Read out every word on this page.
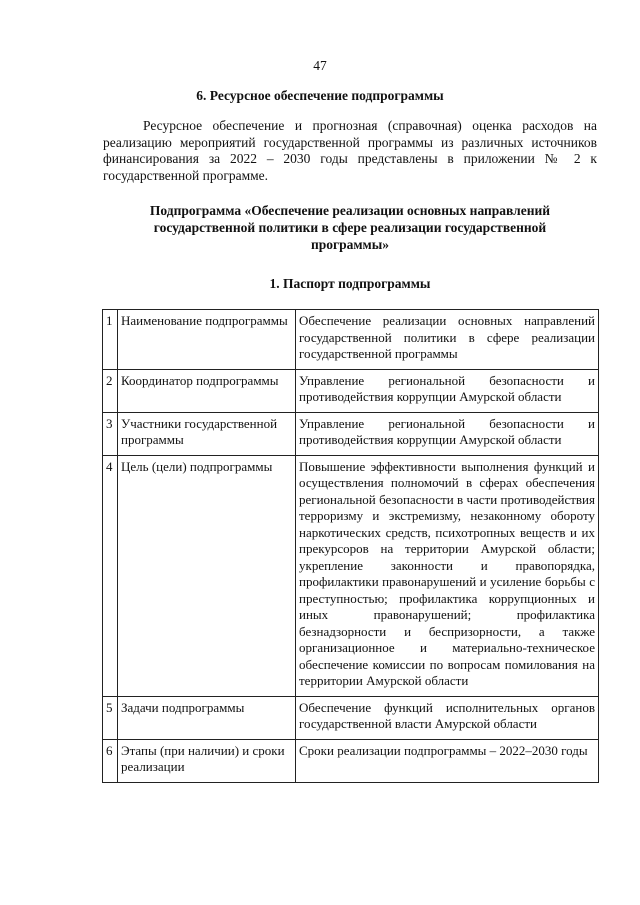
47
6. Ресурсное обеспечение подпрограммы
Ресурсное обеспечение и прогнозная (справочная) оценка расходов на реализацию мероприятий государственной программы из различных источников финансирования за 2022 – 2030 годы представлены в приложении № 2 к государственной программе.
Подпрограмма «Обеспечение реализации основных направлений государственной политики в сфере реализации государственной программы»
1. Паспорт подпрограммы
1	Наименование подпрограммы	Обеспечение реализации основных направлений государственной политики в сфере реализации государственной программы
2	Координатор подпрограммы	Управление региональной безопасности и противодействия коррупции Амурской области
3	Участники государственной программы	Управление региональной безопасности и противодействия коррупции Амурской области
4	Цель (цели) подпрограммы	Повышение эффективности выполнения функций и осуществления полномочий в сферах обеспечения региональной безопасности в части противодействия терроризму и экстремизму, незаконному обороту наркотических средств, психотропных веществ и их прекурсоров на территории Амурской области; укрепление законности и правопорядка, профилактики правонарушений и усиление борьбы с преступностью; профилактика коррупционных и иных правонарушений; профилактика безнадзорности и беспризорности, а также организационное и материально-техническое обеспечение комиссии по вопросам помилования на территории Амурской области
5	Задачи подпрограммы	Обеспечение функций исполнительных органов государственной власти Амурской области
6	Этапы (при наличии) и сроки реализации	Сроки реализации подпрограммы – 2022–2030 годы
